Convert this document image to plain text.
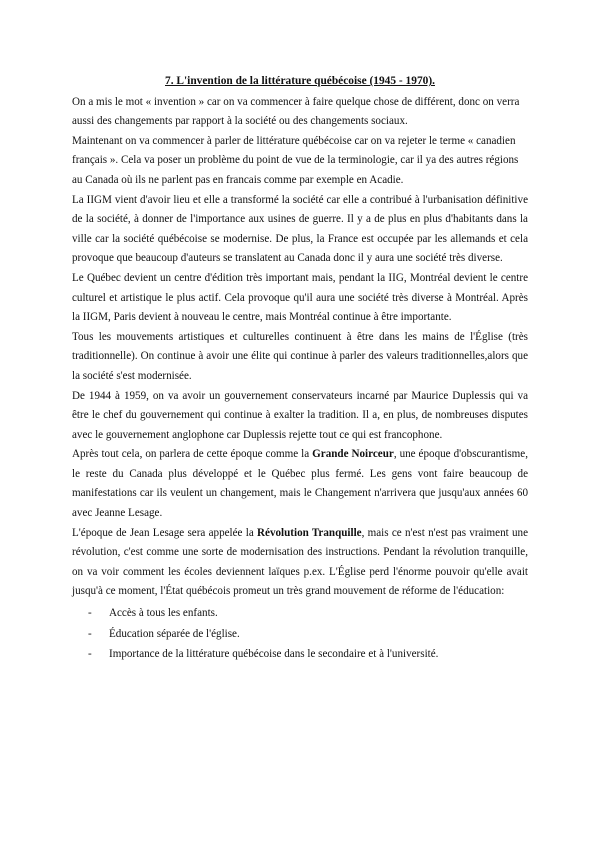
7. L'invention de la littérature québécoise (1945 - 1970).

On a mis le mot « invention » car on va commencer à faire quelque chose de différent, donc on verra aussi des changements par rapport à la société ou des changements sociaux.

Maintenant on va commencer à parler de littérature québécoise car on va rejeter le terme « canadien français ». Cela va poser un problème du point de vue de la terminologie, car il ya des autres régions au Canada où ils ne parlent pas en francais comme par exemple en Acadie.

La IIGM vient d'avoir lieu et elle a transformé la société car elle a contribué à l'urbanisation définitive de la société, à donner de l'importance aux usines de guerre. Il y a de plus en plus d'habitants dans la ville car la société québécoise se modernise. De plus, la France est occupée par les allemands et cela provoque que beaucoup d'auteurs se translatent au Canada donc il y aura une société très diverse.

Le Québec devient un centre d'édition très important mais, pendant la IIG, Montréal devient le centre culturel et artistique le plus actif. Cela provoque qu'il aura une société très diverse à Montréal. Après la IIGM, Paris devient à nouveau le centre, mais Montréal continue à être importante.

Tous les mouvements artistiques et culturelles continuent à être dans les mains de l'Église (très traditionnelle). On continue à avoir une élite qui continue à parler des valeurs traditionnelles,alors que la société s'est modernisée.

De 1944 à 1959, on va avoir un gouvernement conservateurs incarné par Maurice Duplessis qui va être le chef du gouvernement qui continue à exalter la tradition. Il a, en plus, de nombreuses disputes avec le gouvernement anglophone car Duplessis rejette tout ce qui est francophone.

Après tout cela, on parlera de cette époque comme la Grande Noirceur, une époque d'obscurantisme, le reste du Canada plus développé et le Québec plus fermé. Les gens vont faire beaucoup de manifestations car ils veulent un changement, mais le Changement n'arrivera que jusqu'aux années 60 avec Jeanne Lesage.

L'époque de Jean Lesage sera appelée la Révolution Tranquille, mais ce n'est n'est pas vraiment une révolution, c'est comme une sorte de modernisation des instructions. Pendant la révolution tranquille, on va voir comment les écoles deviennent laïques p.ex. L'Église perd l'énorme pouvoir qu'elle avait jusqu'à ce moment, l'État québécois promeut un très grand mouvement de réforme de l'éducation:

- Accès à tous les enfants.
- Éducation séparée de l'église.
- Importance de la littérature québécoise dans le secondaire et à l'université.
